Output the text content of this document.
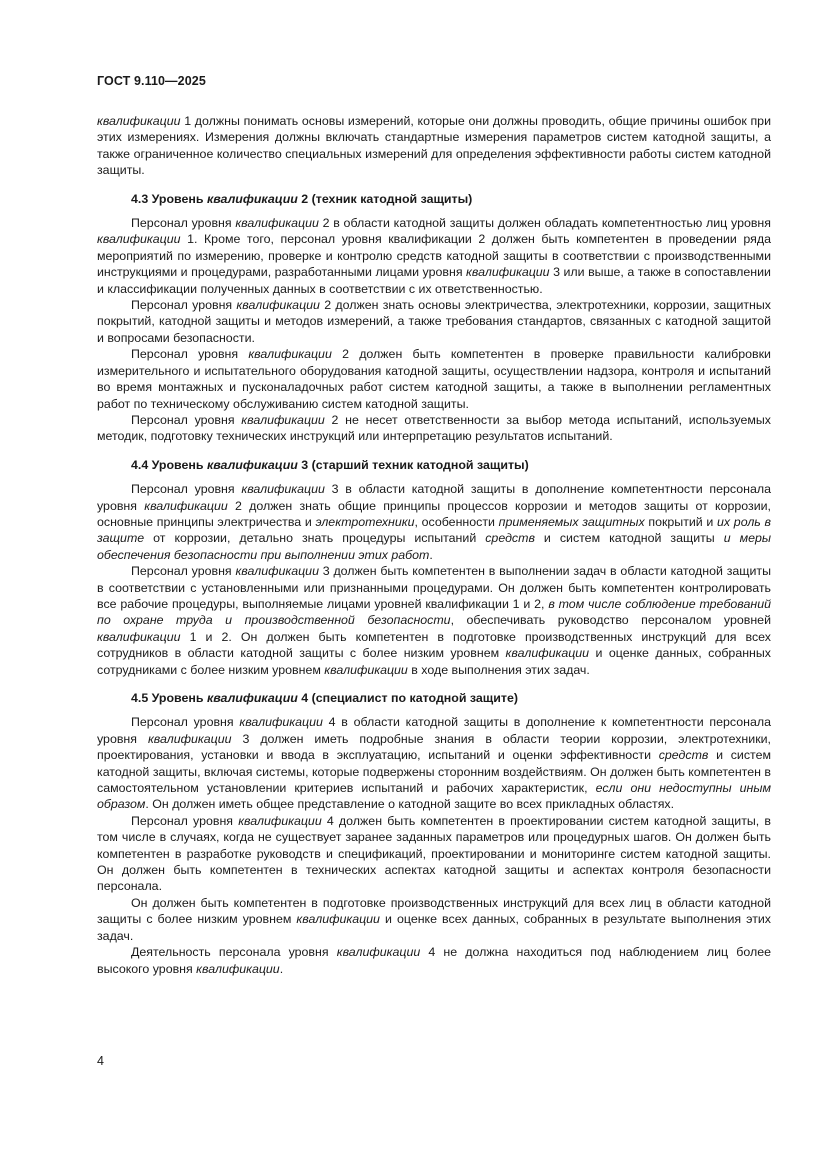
ГОСТ 9.110—2025

квалификации 1 должны понимать основы измерений, которые они должны проводить, общие причины ошибок при этих измерениях. Измерения должны включать стандартные измерения параметров систем катодной защиты, а также ограниченное количество специальных измерений для определения эффективности работы систем катодной защиты.

4.3 Уровень квалификации 2 (техник катодной защиты)

Персонал уровня квалификации 2 в области катодной защиты должен обладать компетентностью лиц уровня квалификации 1. Кроме того, персонал уровня квалификации 2 должен быть компетентен в проведении ряда мероприятий по измерению, проверке и контролю средств катодной защиты в соответствии с производственными инструкциями и процедурами, разработанными лицами уровня квалификации 3 или выше, а также в сопоставлении и классификации полученных данных в соответствии с их ответственностью.

Персонал уровня квалификации 2 должен знать основы электричества, электротехники, коррозии, защитных покрытий, катодной защиты и методов измерений, а также требования стандартов, связанных с катодной защитой и вопросами безопасности.

Персонал уровня квалификации 2 должен быть компетентен в проверке правильности калибровки измерительного и испытательного оборудования катодной защиты, осуществлении надзора, контроля и испытаний во время монтажных и пусконаладочных работ систем катодной защиты, а также в выполнении регламентных работ по техническому обслуживанию систем катодной защиты.

Персонал уровня квалификации 2 не несет ответственности за выбор метода испытаний, используемых методик, подготовку технических инструкций или интерпретацию результатов испытаний.

4.4 Уровень квалификации 3 (старший техник катодной защиты)

Персонал уровня квалификации 3 в области катодной защиты в дополнение компетентности персонала уровня квалификации 2 должен знать общие принципы процессов коррозии и методов защиты от коррозии, основные принципы электричества и электротехники, особенности применяемых защитных покрытий и их роль в защите от коррозии, детально знать процедуры испытаний средств и систем катодной защиты и меры обеспечения безопасности при выполнении этих работ.

Персонал уровня квалификации 3 должен быть компетентен в выполнении задач в области катодной защиты в соответствии с установленными или признанными процедурами. Он должен быть компетентен контролировать все рабочие процедуры, выполняемые лицами уровней квалификации 1 и 2, в том числе соблюдение требований по охране труда и производственной безопасности, обеспечивать руководство персоналом уровней квалификации 1 и 2. Он должен быть компетентен в подготовке производственных инструкций для всех сотрудников в области катодной защиты с более низким уровнем квалификации и оценке данных, собранных сотрудниками с более низким уровнем квалификации в ходе выполнения этих задач.

4.5 Уровень квалификации 4 (специалист по катодной защите)

Персонал уровня квалификации 4 в области катодной защиты в дополнение к компетентности персонала уровня квалификации 3 должен иметь подробные знания в области теории коррозии, электротехники, проектирования, установки и ввода в эксплуатацию, испытаний и оценки эффективности средств и систем катодной защиты, включая системы, которые подвержены сторонним воздействиям. Он должен быть компетентен в самостоятельном установлении критериев испытаний и рабочих характеристик, если они недоступны иным образом. Он должен иметь общее представление о катодной защите во всех прикладных областях.

Персонал уровня квалификации 4 должен быть компетентен в проектировании систем катодной защиты, в том числе в случаях, когда не существует заранее заданных параметров или процедурных шагов. Он должен быть компетентен в разработке руководств и спецификаций, проектировании и мониторинге систем катодной защиты. Он должен быть компетентен в технических аспектах катодной защиты и аспектах контроля безопасности персонала.

Он должен быть компетентен в подготовке производственных инструкций для всех лиц в области катодной защиты с более низким уровнем квалификации и оценке всех данных, собранных в результате выполнения этих задач.

Деятельность персонала уровня квалификации 4 не должна находиться под наблюдением лиц более высокого уровня квалификации.

4
